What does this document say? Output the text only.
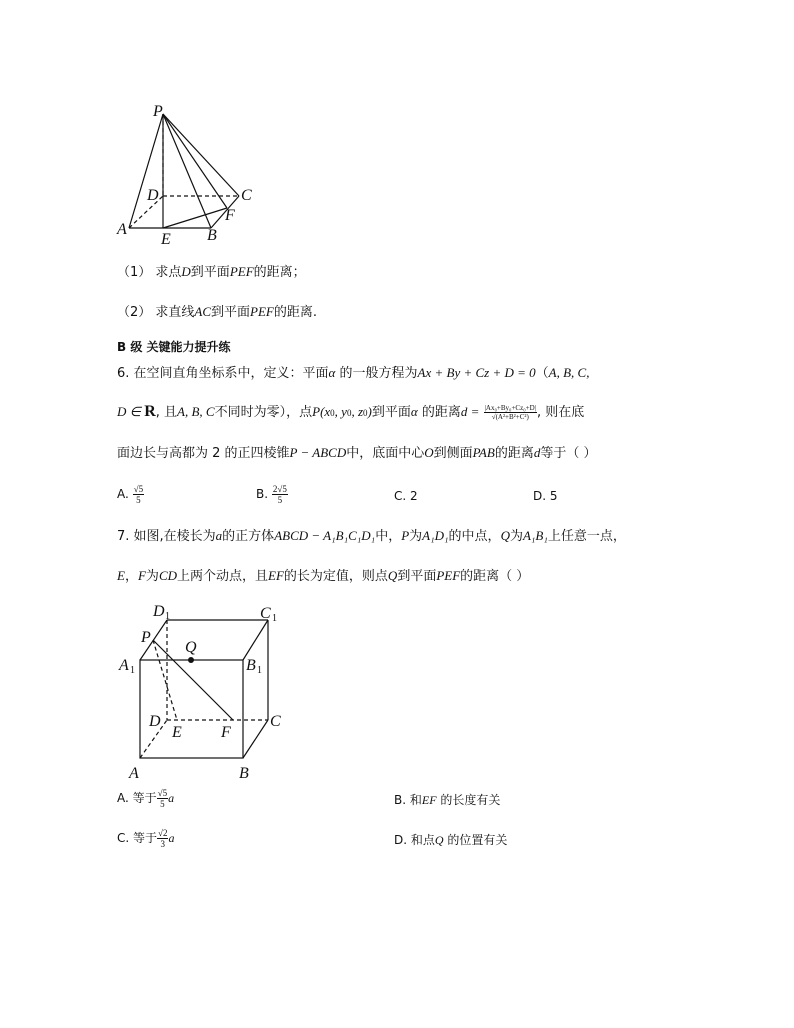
P
D	C
A
E B
F
（1） 求点D到平面PEF的距离；
（2） 求直线AC到平面PEF的距离.
B 级 关键能力提升练
6. 在空间直角坐标系中，定义：平面α 的一般方程为Ax + By + Cz + D = 0（A, B, C,
D ∈ R, 且A, B, C不同时为零），点P(x0, y0, z0)到平面α 的距离$d = \frac{\text{|Ax₀+By₀+Cz₀+D|}}{\text{√(A²+B²+C²)}}$ , 则在底
面边长与高都为 2 的正四棱锥P − ABCD中，底面中心O到侧面PAB的距离d等于（ ）
A. $\frac{√5}{5}$	B. $\frac{2√5}{5}$	C. 2	D. 5
7. 如图,在棱长为a的正方体ABCD − A₁B₁C₁D₁中，P为A₁D₁的中点，Q为A₁B₁上任意一点，
E，F为CD上两个动点，且EF的长为定值，则点Q到平面PEF的距离（ ）
D 1	C 1
P
Q
A 1	B 1
D	C
E F
A	B
A. 等于 $\frac{√5}{5}$ a	B. 和EF 的长度有关
C. 等于 $\frac{√2}{3}$ a	D. 和点Q 的位置有关
